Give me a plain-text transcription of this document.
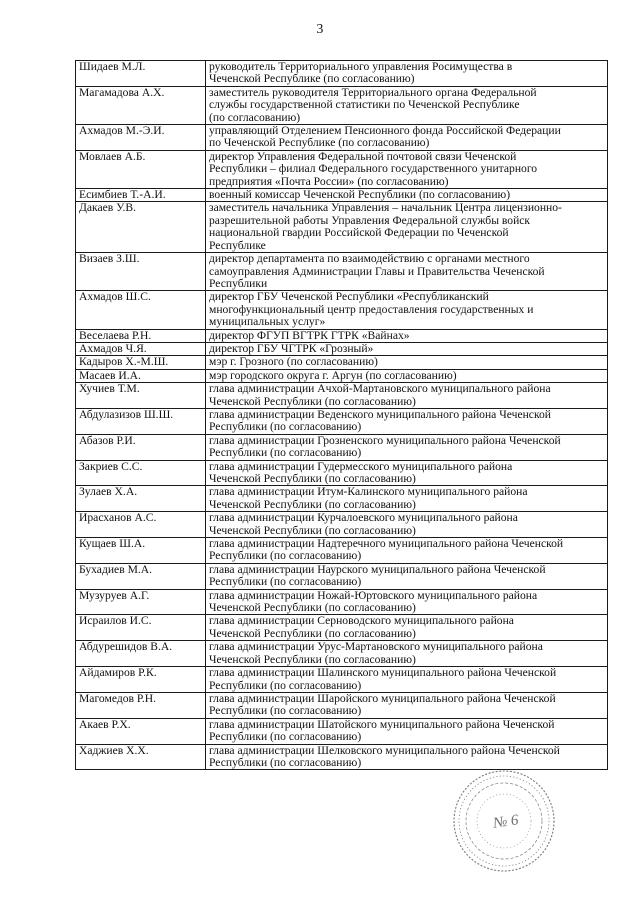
3
Шидаев М.Л.	руководитель Территориального управления Росимущества в
Чеченской Республике (по согласованию)
Магамадова А.Х.	заместитель руководителя Территориального органа Федеральной
службы государственной статистики по Чеченской Республике
(по согласованию)
Ахмадов М.-Э.И.	управляющий Отделением Пенсионного фонда Российской Федерации
по Чеченской Республике (по согласованию)
Мовлаев А.Б.	директор Управления Федеральной почтовой связи Чеченской
Республики – филиал Федерального государственного унитарного
предприятия «Почта России» (по согласованию)
Есимбиев Т.-А.И.	военный комиссар Чеченской Республики (по согласованию)
Дакаев У.В.	заместитель начальника Управления – начальник Центра лицензионно-
разрешительной работы Управления Федеральной службы войск
национальной гвардии Российской Федерации по Чеченской
Республике
Визаев З.Ш.	директор департамента по взаимодействию с органами местного
самоуправления Администрации Главы и Правительства Чеченской
Республики
Ахмадов Ш.С.	директор ГБУ Чеченской Республики «Республиканский
многофункциональный центр предоставления государственных и
муниципальных услуг»
Веселаева Р.Н.	директор ФГУП ВГТРК ГТРК «Вайнах»
Ахмадов Ч.Я.	директор ГБУ ЧГТРК «Грозный»
Кадыров Х.-М.Ш.	мэр г. Грозного (по согласованию)
Масаев И.А.	мэр городского округа г. Аргун (по согласованию)
Хучиев Т.М.	глава администрации Ачхой-Мартановского муниципального района
Чеченской Республики (по согласованию)
Абдулазизов Ш.Ш.	глава администрации Веденского муниципального района Чеченской
Республики (по согласованию)
Абазов Р.И.	глава администрации Грозненского муниципального района Чеченской
Республики (по согласованию)
Закриев С.С.	глава администрации Гудермесского муниципального района
Чеченской Республики (по согласованию)
Зулаев Х.А.	глава администрации Итум-Калинского муниципального района
Чеченской Республики (по согласованию)
Ирасханов А.С.	глава администрации Курчалоевского муниципального района
Чеченской Республики (по согласованию)
Кущаев Ш.А.	глава администрации Надтеречного муниципального района Чеченской
Республики (по согласованию)
Бухадиев М.А.	глава администрации Наурского муниципального района Чеченской
Республики (по согласованию)
Музуруев А.Г.	глава администрации Ножай-Юртовского муниципального района
Чеченской Республики (по согласованию)
Исраилов И.С.	глава администрации Серноводского муниципального района
Чеченской Республики (по согласованию)
Абдурешидов В.А.	глава администрации Урус-Мартановского муниципального района
Чеченской Республики (по согласованию)
Айдамиров Р.К.	глава администрации Шалинского муниципального района Чеченской
Республики (по согласованию)
Магомедов Р.Н.	глава администрации Шаройского муниципального района Чеченской
Республики (по согласованию)
Акаев Р.Х.	глава администрации Шатойского муниципального района Чеченской
Республики (по согласованию)
Хаджиев Х.Х.	глава администрации Шелковского муниципального района Чеченской
Республики (по согласованию)
№ 6
